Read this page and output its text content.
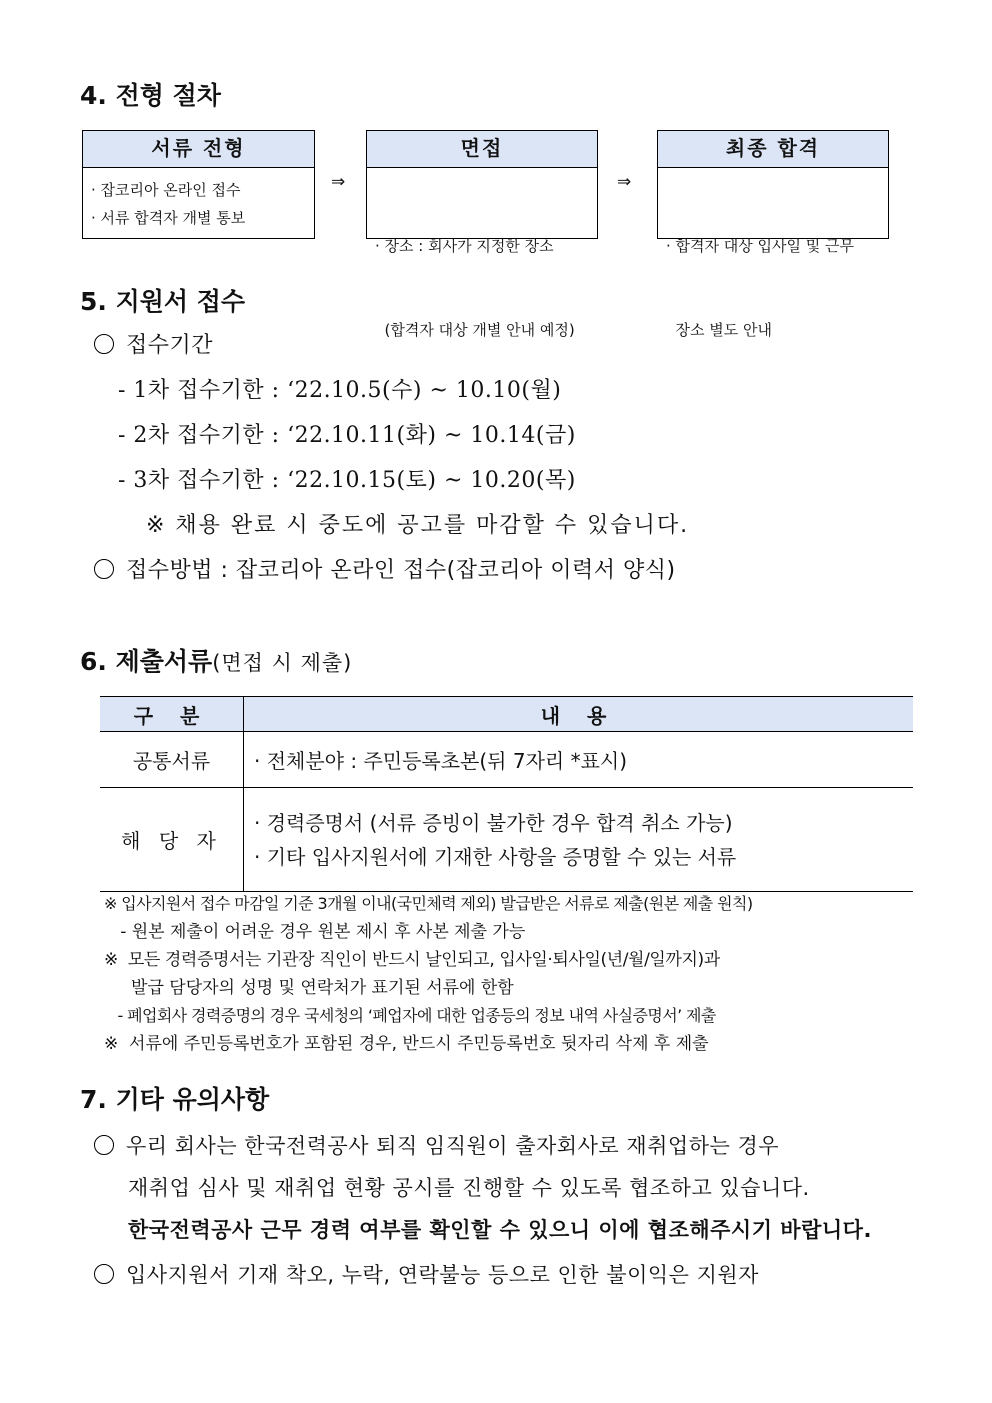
4. 전형 절차
서류 전형
· 잡코리아 온라인 접수
· 서류 합격자 개별 통보
⇒
면접

· 장소 : 회사가 지정한 장소

(합격자 대상 개별 안내 예정)

⇒
최종 합격

· 합격자 대상 입사일 및 근무

장소 별도 안내

5. 지원서 접수
접수기간
- 1차 접수기한 : ‘22.10.5(수) ~ 10.10(월)
- 2차 접수기한 : ‘22.10.11(화) ~ 10.14(금)
- 3차 접수기한 : ‘22.10.15(토) ~ 10.20(목)
※ 채용 완료 시 중도에 공고를 마감할 수 있습니다.
접수방법 : 잡코리아 온라인 접수(잡코리아 이력서 양식)
6. 제출서류(면접 시 제출)
구 분	내 용
공통서류	· 전체분야 : 주민등록초본(뒤 7자리 *표시)
해 당 자	· 경력증명서 (서류 증빙이 불가한 경우 합격 취소 가능)
· 기타 입사지원서에 기재한 사항을 증명할 수 있는 서류
※ 입사지원서 접수 마감일 기준 3개월 이내(국민체력 제외) 발급받은 서류로 제출(원본 제출 원칙)
- 원본 제출이 어려운 경우 원본 제시 후 사본 제출 가능
※  모든 경력증명서는 기관장 직인이 반드시 날인되고, 입사일·퇴사일(년/월/일까지)과
발급 담당자의 성명 및 연락처가 표기된 서류에 한함
- 폐업회사 경력증명의 경우 국세청의 ‘폐업자에 대한 업종등의 정보 내역 사실증명서’ 제출
※  서류에 주민등록번호가 포함된 경우, 반드시 주민등록번호 뒷자리 삭제 후 제출
7. 기타 유의사항
우리 회사는 한국전력공사 퇴직 임직원이 출자회사로 재취업하는 경우
재취업 심사 및 재취업 현황 공시를 진행할 수 있도록 협조하고 있습니다.
한국전력공사 근무 경력 여부를 확인할 수 있으니 이에 협조해주시기 바랍니다.
입사지원서 기재 착오, 누락, 연락불능 등으로 인한 불이익은 지원자
